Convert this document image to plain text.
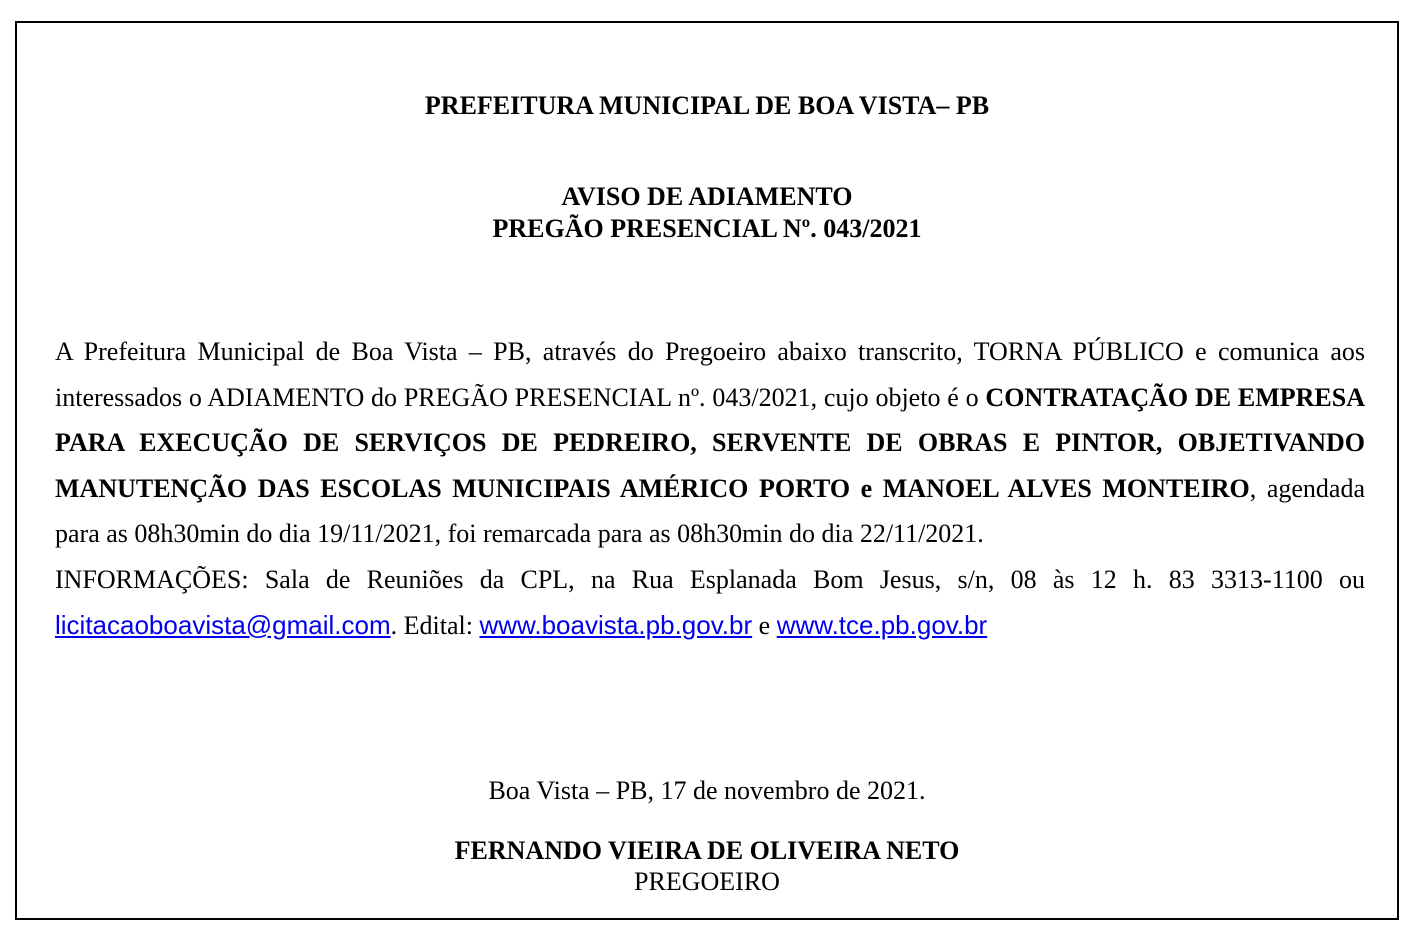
PREFEITURA MUNICIPAL DE BOA VISTA– PB
AVISO DE ADIAMENTO
PREGÃO PRESENCIAL Nº. 043/2021

A Prefeitura Municipal de Boa Vista – PB, através do Pregoeiro abaixo transcrito, TORNA PÚBLICO e comunica aos interessados o ADIAMENTO do PREGÃO PRESENCIAL nº. 043/2021, cujo objeto é o CONTRATAÇÃO DE EMPRESA PARA EXECUÇÃO DE SERVIÇOS DE PEDREIRO, SERVENTE DE OBRAS E PINTOR, OBJETIVANDO MANUTENÇÃO DAS ESCOLAS MUNICIPAIS AMÉRICO PORTO e MANOEL ALVES MONTEIRO, agendada para as 08h30min do dia 19/11/2021, foi remarcada para as 08h30min do dia 22/11/2021.

INFORMAÇÕES: Sala de Reuniões da CPL, na Rua Esplanada Bom Jesus, s/n, 08 às 12 h. 83 3313-1100 ou licitacaoboavista@gmail.com. Edital: www.boavista.pb.gov.br e www.tce.pb.gov.br

Boa Vista – PB, 17 de novembro de 2021.
FERNANDO VIEIRA DE OLIVEIRA NETO
PREGOEIRO
